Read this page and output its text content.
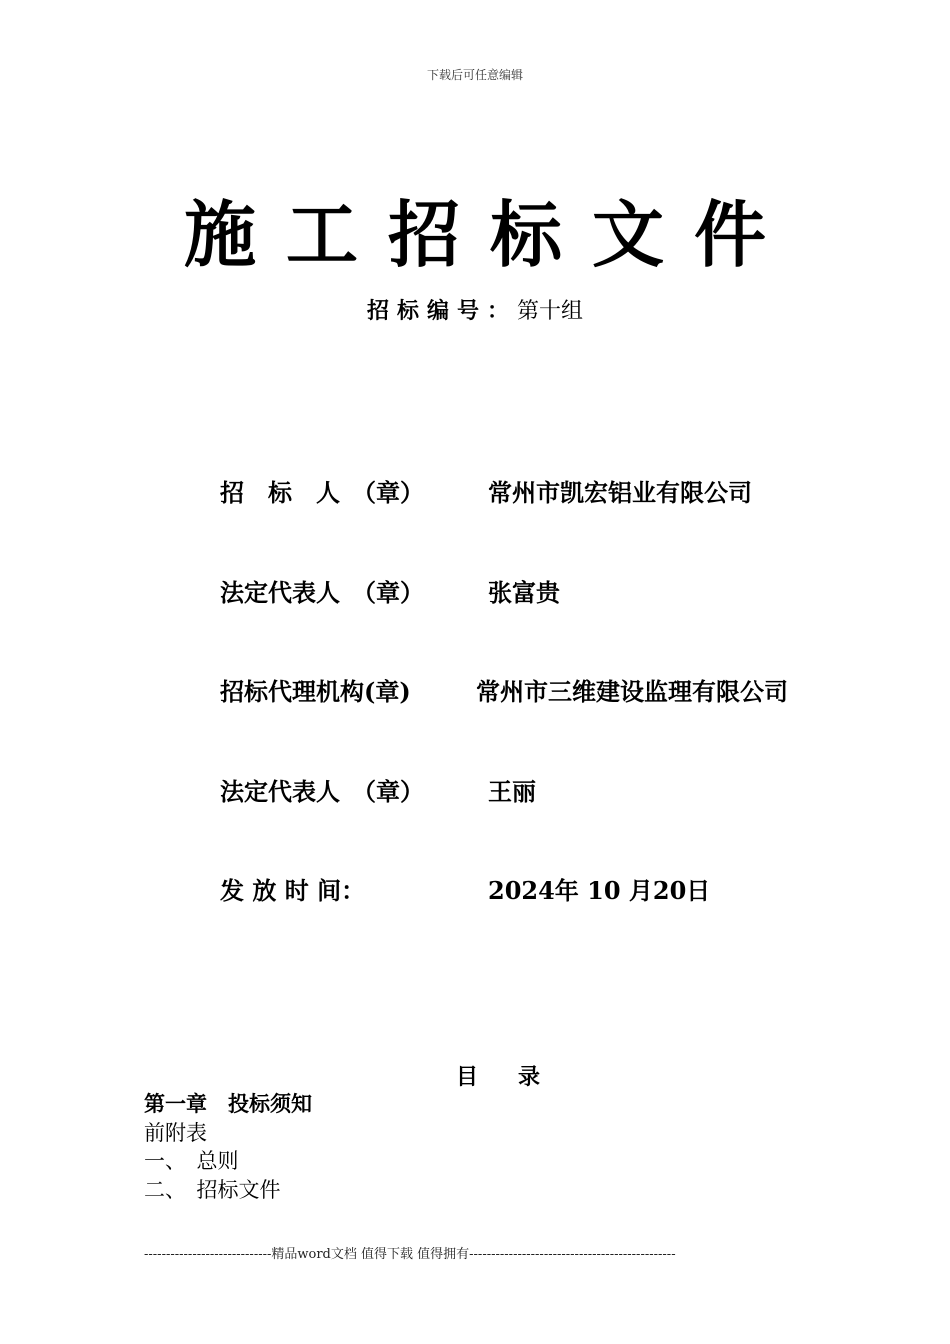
下载后可任意编辑
施工招标文件
招标编号：第十组
招　标　人　（章）	常州市凯宏铝业有限公司
法定代表人　（章）	张富贵
招标代理机构(章)	常州市三维建设监理有限公司
法定代表人　（章）	王丽
发 放 时 间：	2024年 10 月20日
目录
第一章　投标须知
前附表
一、　总则
二、　招标文件
-----------------------------精品word文档 值得下载 值得拥有-----------------------------------------------
